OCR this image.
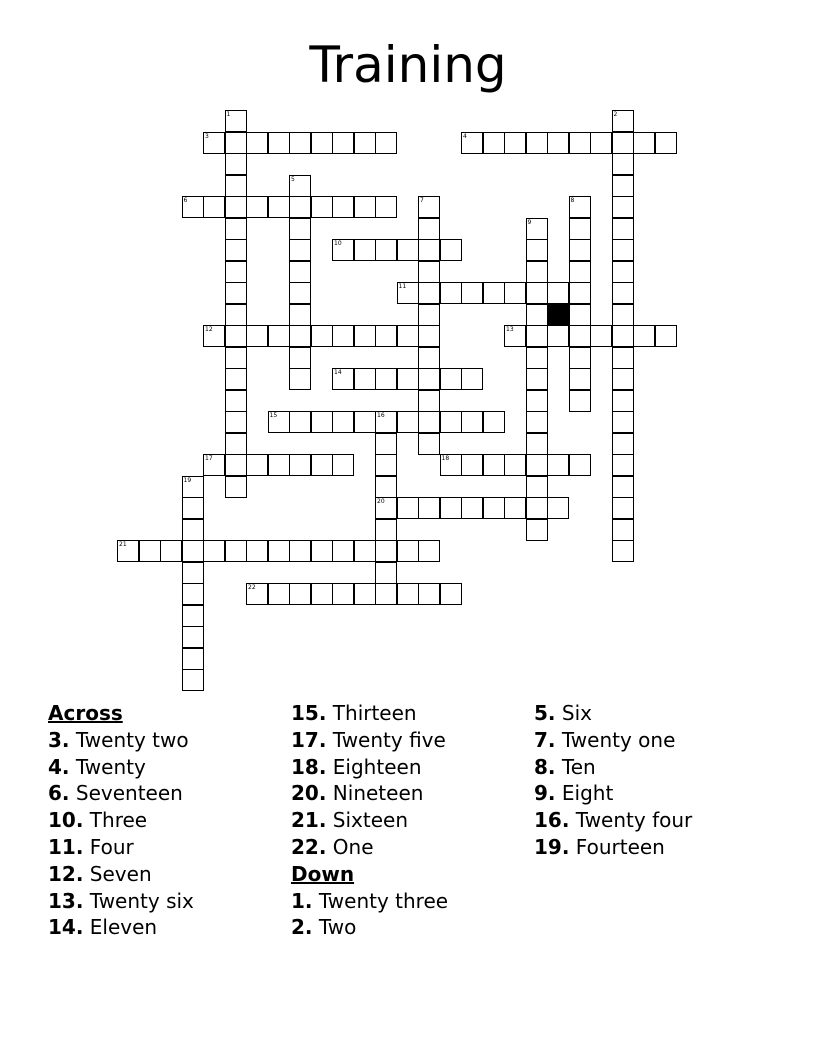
Training
1	2
3	4
5
6	7	8
9
10
11
12	13
14
15	16
20
17	18
19
21
22
Across
3. Twenty two
4. Twenty
6. Seventeen
10. Three
11. Four
12. Seven
13. Twenty six
14. Eleven
15. Thirteen
17. Twenty five
18. Eighteen
20. Nineteen
21. Sixteen
22. One
Down
1. Twenty three
2. Two
5. Six
7. Twenty one
8. Ten
9. Eight
16. Twenty four
19. Fourteen
